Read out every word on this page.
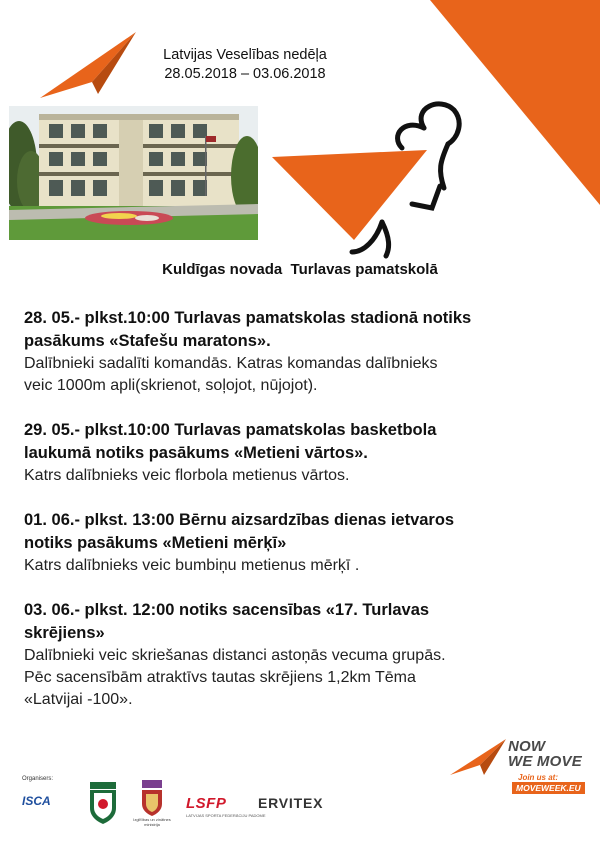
Latvijas Veselības nedēļa
28.05.2018 – 03.06.2018
Kuldīgas novada  Turlavas pamatskolā
28. 05.- plkst.10:00 Turlavas pamatskolas stadionā notiks
pasākums «Stafešu maratons».
Dalībnieki sadalīti komandās. Katras komandas dalībnieks
veic 1000m apli(skrienot, soļojot, nūjojot).
29. 05.- plkst.10:00 Turlavas pamatskolas basketbola
laukumā notiks pasākums «Metieni vārtos».
Katrs dalībnieks veic florbola metienus vārtos.
01. 06.- plkst. 13:00 Bērnu aizsardzības dienas ietvaros
notiks pasākums «Metieni mērķī»
Katrs dalībnieks veic bumbiņu metienus mērķī .
03. 06.- plkst. 12:00 notiks sacensības «17. Turlavas
skrējiens»
Dalībnieki veic skriešanas distanci astoņās vecuma grupās.
Pēc sacensībām atraktīvs tautas skrējiens 1,2km Tēma
«Latvijai -100».
NOW
WE MOVE
Join us at:
MOVEWEEK.EU
Organisers:
ISCA
Izglītības un zinātnes ministrija
LSFP
LATVIJAS SPORTA FEDERĀCIJU PADOME
ERVITEX
